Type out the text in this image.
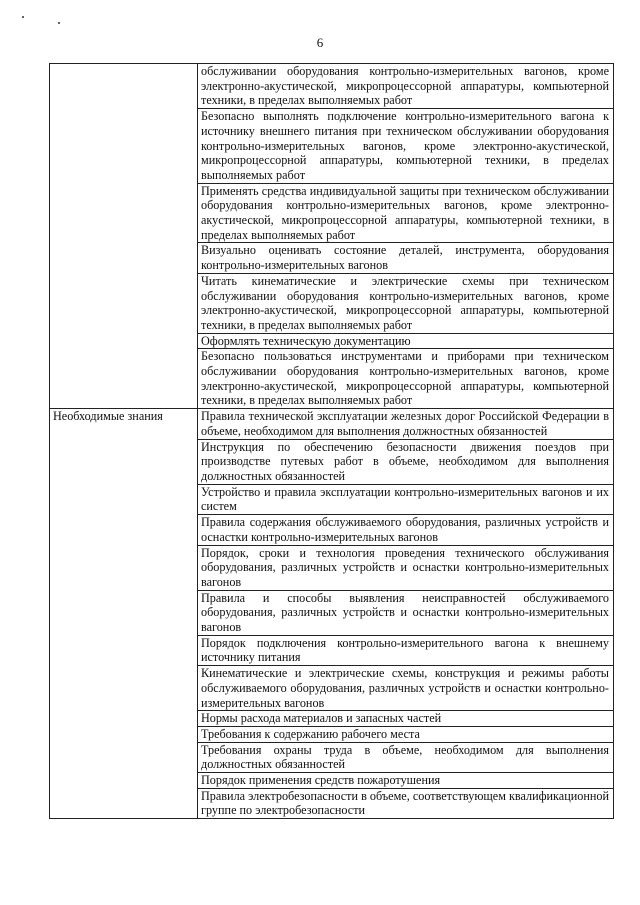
6

	обслуживании оборудования контрольно-измерительных вагонов, кроме электронно-акустической, микропроцессорной аппаратуры, компьютерной техники, в пределах выполняемых работ

	Безопасно выполнять подключение контрольно-измерительного вагона к источнику внешнего питания при техническом обслуживании оборудования контрольно-измерительных вагонов, кроме электронно-акустической, микропроцессорной аппаратуры, компьютерной техники, в пределах выполняемых работ

	Применять средства индивидуальной защиты при техническом обслуживании оборудования контрольно-измерительных вагонов, кроме электронно-акустической, микропроцессорной аппаратуры, компьютерной техники, в пределах выполняемых работ

	Визуально оценивать состояние деталей, инструмента, оборудования контрольно-измерительных вагонов

	Читать кинематические и электрические схемы при техническом обслуживании оборудования контрольно-измерительных вагонов, кроме электронно-акустической, микропроцессорной аппаратуры, компьютерной техники, в пределах выполняемых работ

	Оформлять техническую документацию

	Безопасно пользоваться инструментами и приборами при техническом обслуживании оборудования контрольно-измерительных вагонов, кроме электронно-акустической, микропроцессорной аппаратуры, компьютерной техники, в пределах выполняемых работ

Необходимые знания	Правила технической эксплуатации железных дорог Российской Федерации в объеме, необходимом для выполнения должностных обязанностей

	Инструкция по обеспечению безопасности движения поездов при производстве путевых работ в объеме, необходимом для выполнения должностных обязанностей

	Устройство и правила эксплуатации контрольно-измерительных вагонов и их систем

	Правила содержания обслуживаемого оборудования, различных устройств и оснастки контрольно-измерительных вагонов

	Порядок, сроки и технология проведения технического обслуживания оборудования, различных устройств и оснастки контрольно-измерительных вагонов

	Правила и способы выявления неисправностей обслуживаемого оборудования, различных устройств и оснастки контрольно-измерительных вагонов

	Порядок подключения контрольно-измерительного вагона к внешнему источнику питания

	Кинематические и электрические схемы, конструкция и режимы работы обслуживаемого оборудования, различных устройств и оснастки контрольно-измерительных вагонов

	Нормы расхода материалов и запасных частей

	Требования к содержанию рабочего места

	Требования охраны труда в объеме, необходимом для выполнения должностных обязанностей

	Порядок применения средств пожаротушения

	Правила электробезопасности в объеме, соответствующем квалификационной группе по электробезопасности
